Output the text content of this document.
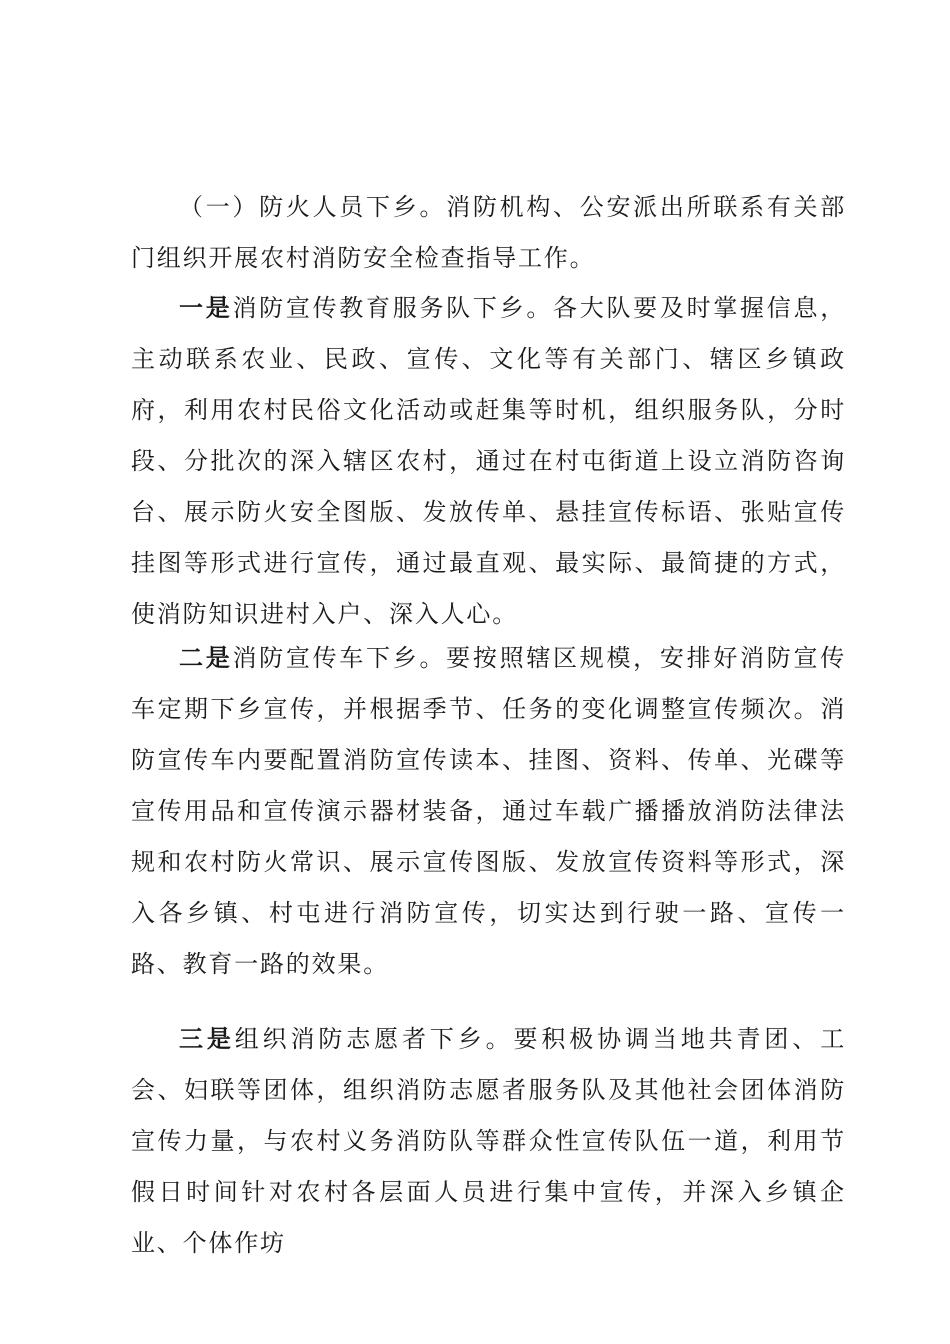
（一）防火人员下乡。消防机构、公安派出所联系有关部门组织开展农村消防安全检查指导工作。

一是消防宣传教育服务队下乡。各大队要及时掌握信息，主动联系农业、民政、宣传、文化等有关部门、辖区乡镇政府，利用农村民俗文化活动或赶集等时机，组织服务队，分时段、分批次的深入辖区农村，通过在村屯街道上设立消防咨询台、展示防火安全图版、发放传单、悬挂宣传标语、张贴宣传挂图等形式进行宣传，通过最直观、最实际、最简捷的方式，使消防知识进村入户、深入人心。

二是消防宣传车下乡。要按照辖区规模，安排好消防宣传车定期下乡宣传，并根据季节、任务的变化调整宣传频次。消防宣传车内要配置消防宣传读本、挂图、资料、传单、光碟等宣传用品和宣传演示器材装备，通过车载广播播放消防法律法规和农村防火常识、展示宣传图版、发放宣传资料等形式，深入各乡镇、村屯进行消防宣传，切实达到行驶一路、宣传一路、教育一路的效果。

三是组织消防志愿者下乡。要积极协调当地共青团、工会、妇联等团体，组织消防志愿者服务队及其他社会团体消防宣传力量，与农村义务消防队等群众性宣传队伍一道，利用节假日时间针对农村各层面人员进行集中宣传，并深入乡镇企业、个体作坊
